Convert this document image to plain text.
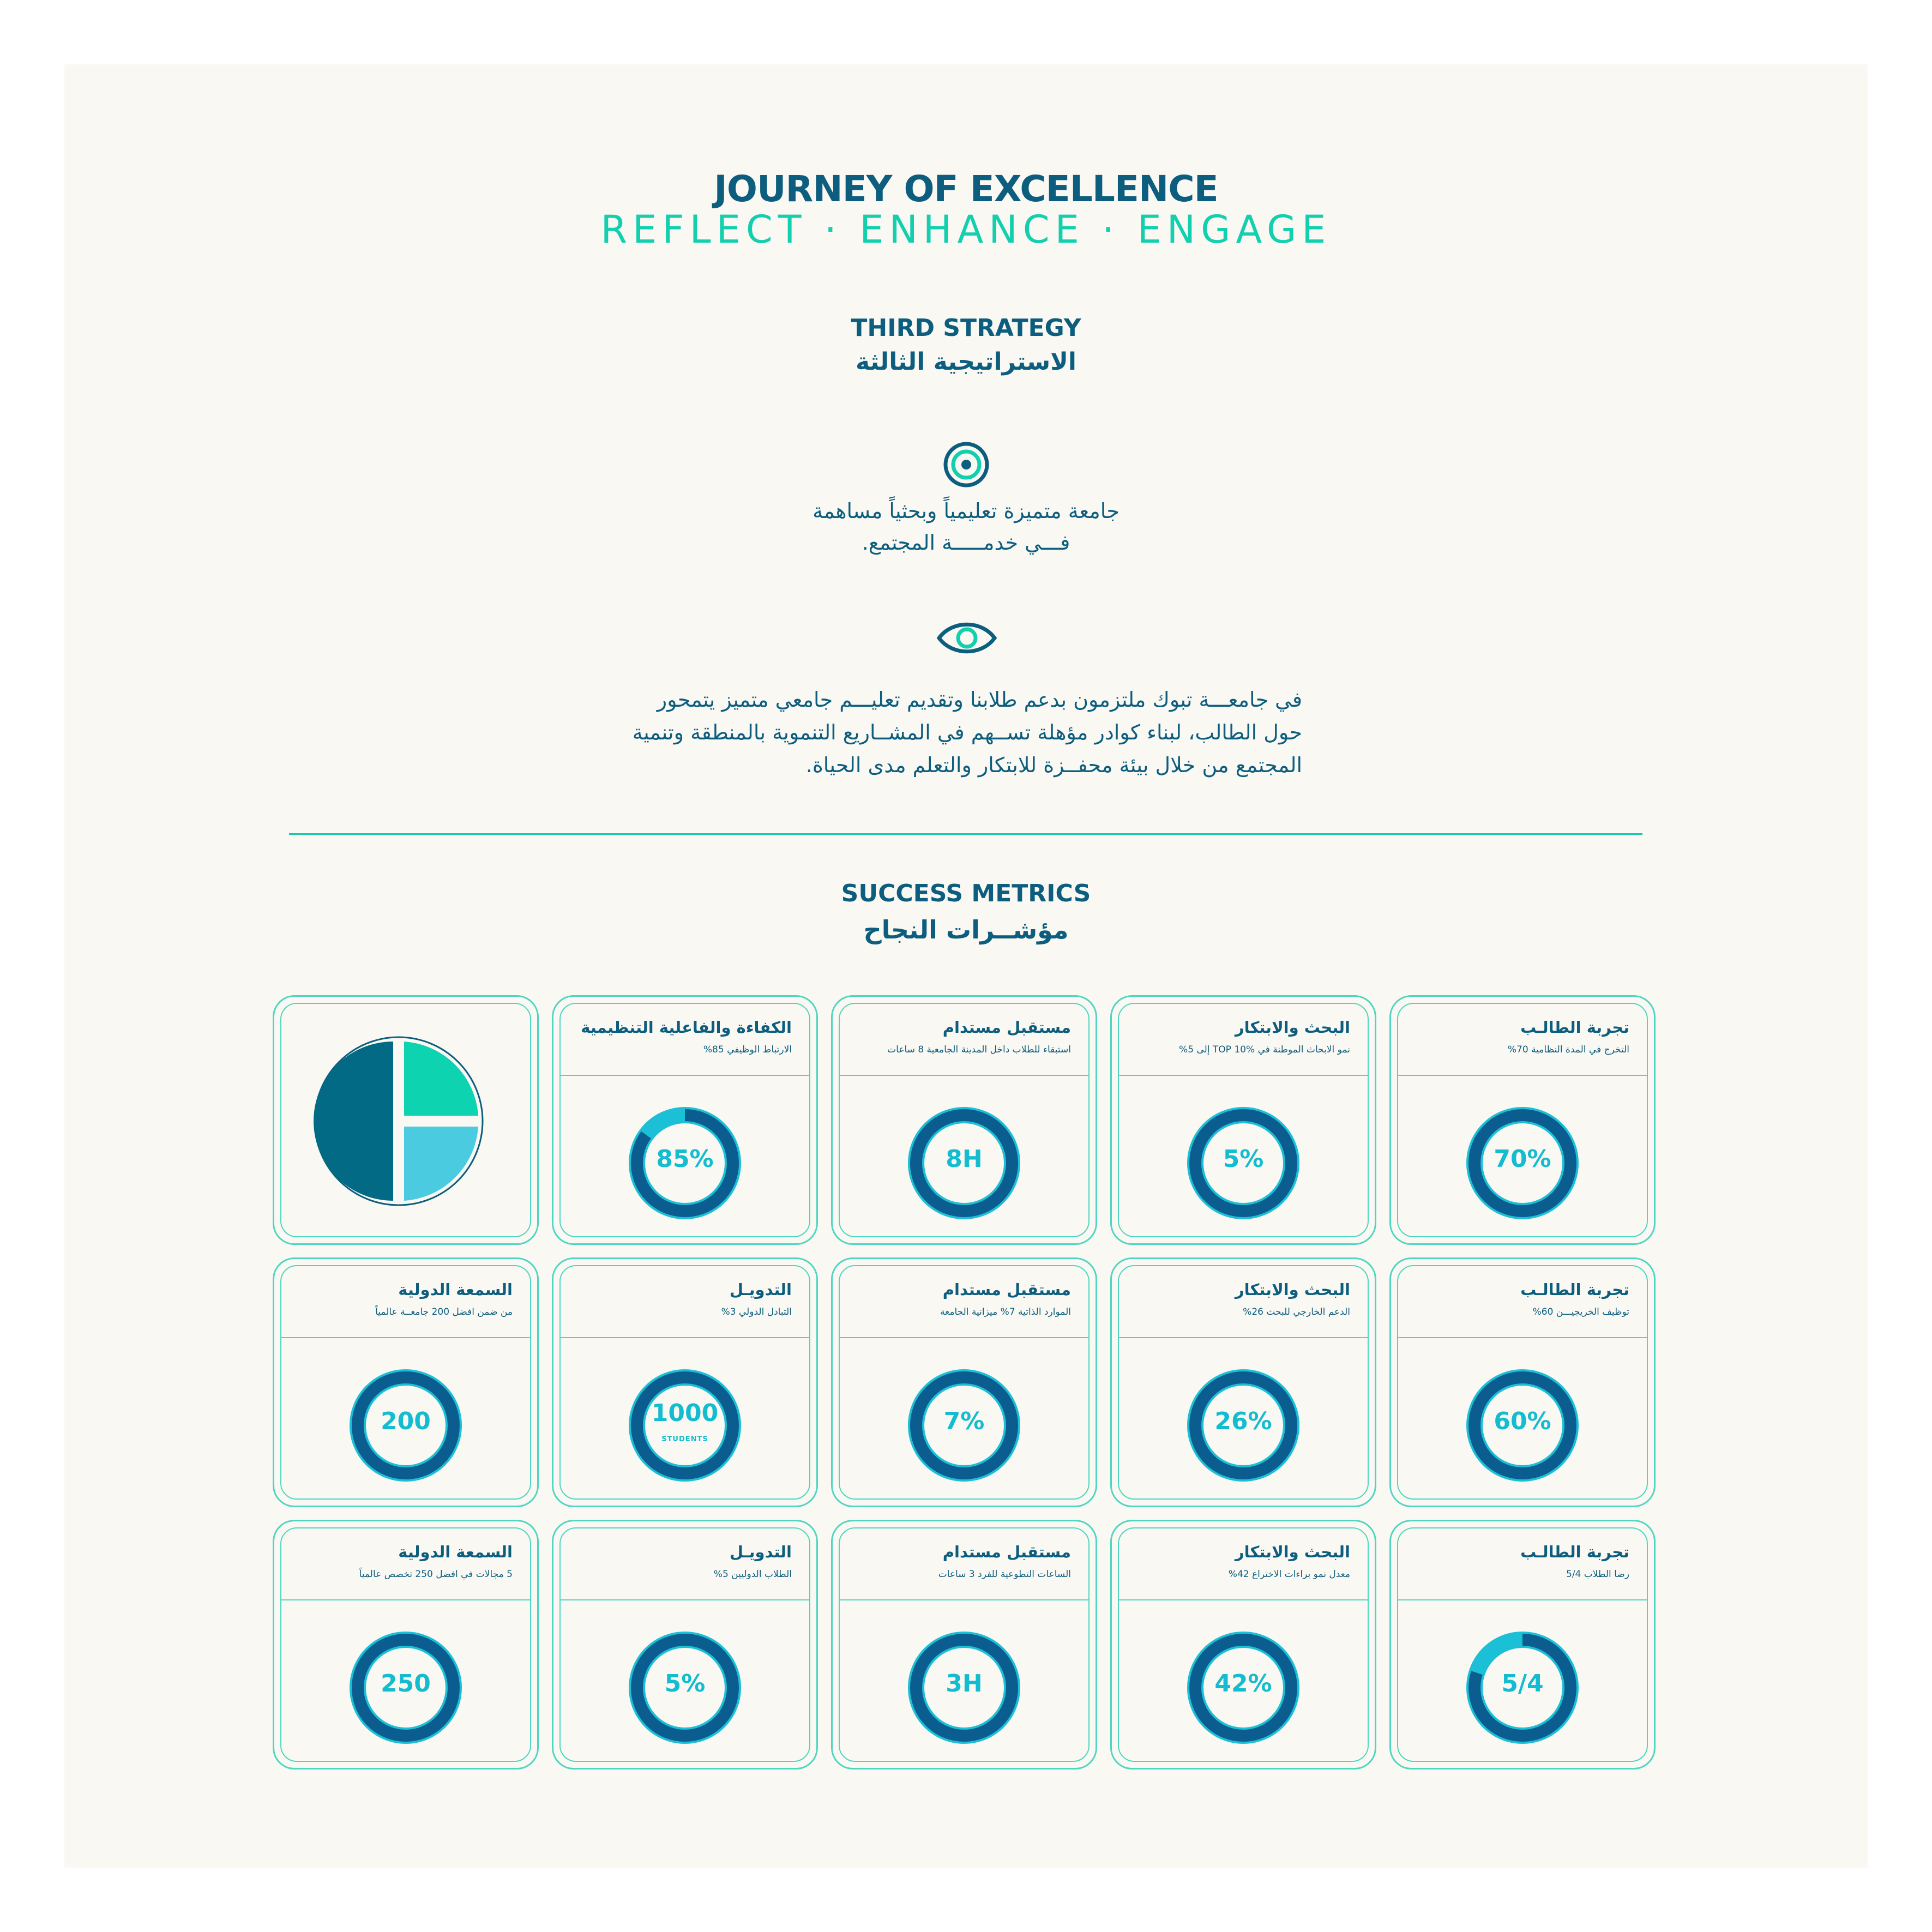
JOURNEY OF EXCELLENCE
REFLECT · ENHANCE · ENGAGE
THIRD STRATEGY
الاستراتيجية الثالثة
جامعة متميزة تعليمياً وبحثياً مساهمة
فـــي خدمـــــة المجتمع.
في جامعـــة تبوك ملتزمون بدعم طلابنا وتقديم تعليـــم جامعي متميز يتمحور حول الطالب، لبناء كوادر مؤهلة تســهم في المشــاريع التنموية بالمنطقة وتنمية المجتمع من خلال بيئة محفــزة للابتكار والتعلم مدى الحياة.
SUCCESS METRICS
مؤشــرات النجاح
الكفاءة والفاعلية التنظيمية
الارتباط الوظيفي 85%
85%
مستقبل مستدام
استبقاء للطلاب داخل المدينة الجامعية 8 ساعات
8H
البحث والابتكار
نمو الابحاث الموطنة في TOP 10% إلى 5%
5%
تجربة الطالـب
التخرج في المدة النظامية 70%
70%
السمعة الدولية
من ضمن افضل 200 جامعــة عالمياً
200
التدويـل
التبادل الدولي 3%
1000
STUDENTS
مستقبل مستدام
الموارد الذاتية 7% ميزانية الجامعة
7%
البحث والابتكار
الدعم الخارجي للبحث 26%
26%
تجربة الطالـب
توظيف الخريجيـــن 60%
60%
السمعة الدولية
5 مجالات في افضل 250 تخصص عالمياً
250
التدويـل
الطلاب الدوليين 5%
5%
مستقبل مستدام
الساعات التطوعية للفرد 3 ساعات
3H
البحث والابتكار
معدل نمو براءات الاختراع 42%
42%
تجربة الطالـب
رضا الطلاب 5/4
5/4
